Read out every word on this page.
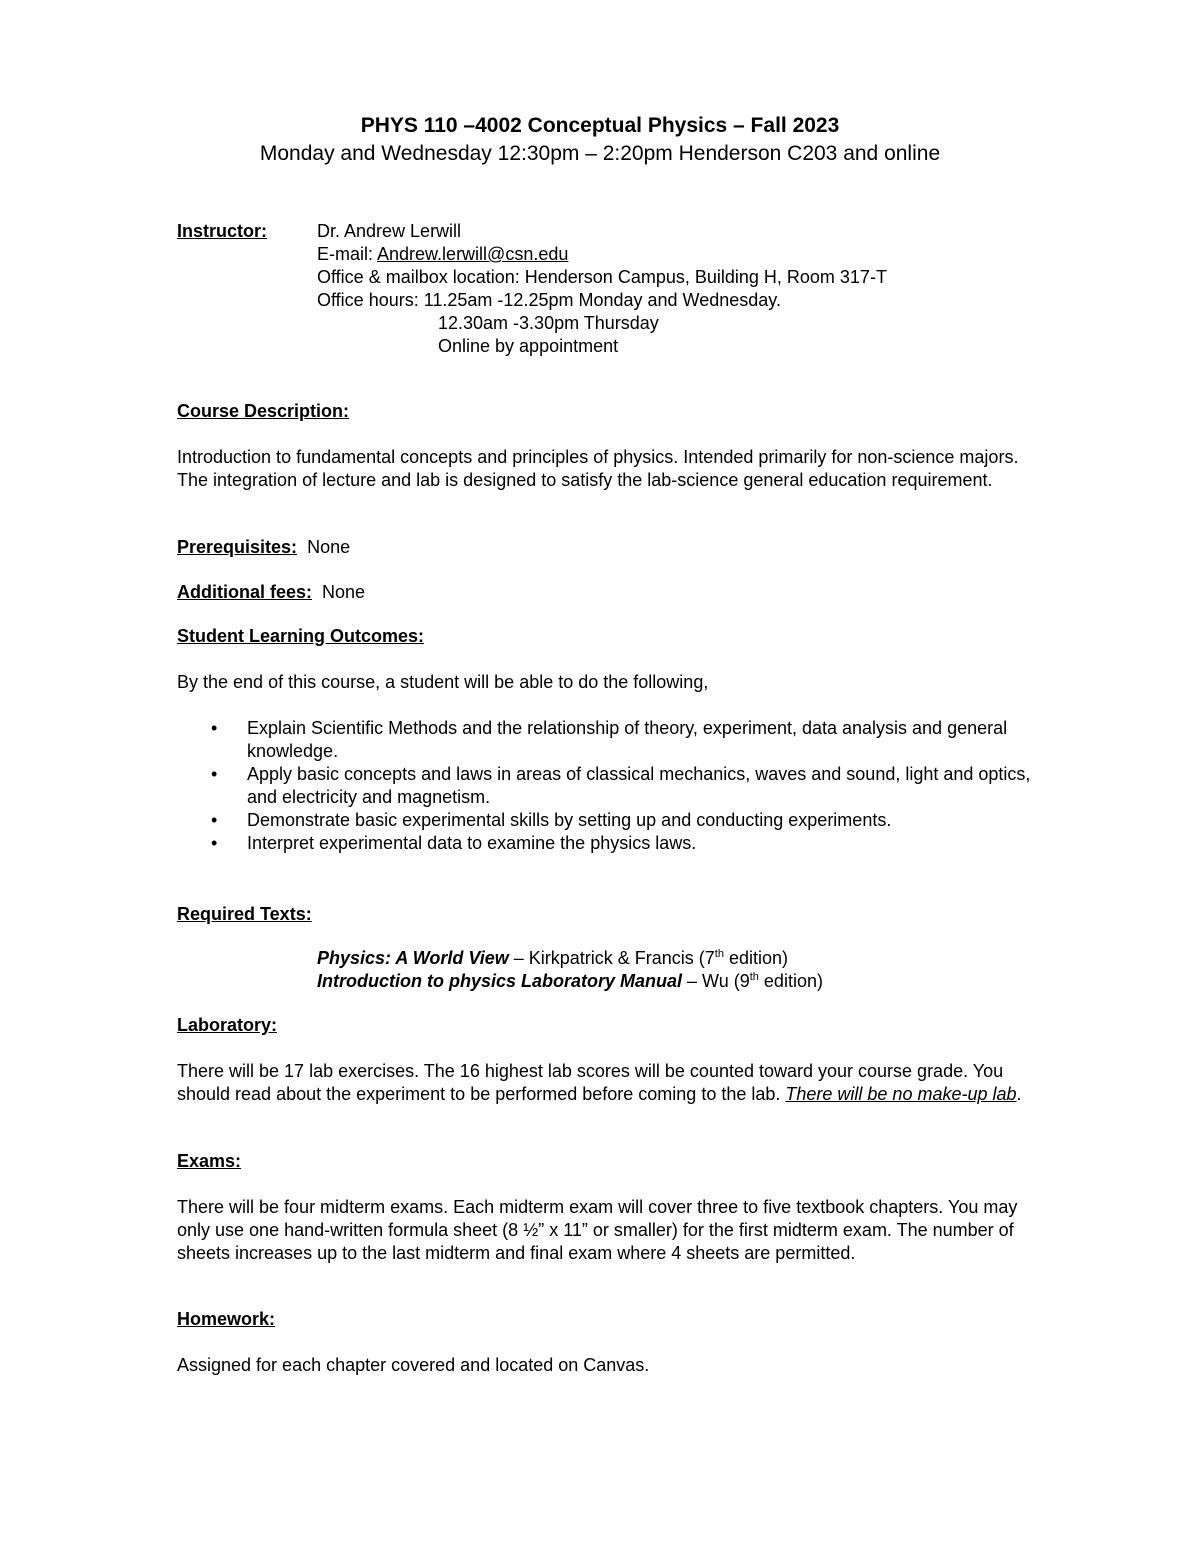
PHYS 110 –4002 Conceptual Physics – Fall 2023
Monday and Wednesday 12:30pm – 2:20pm Henderson C203 and online
Instructor:	Dr. Andrew Lerwill
E-mail: Andrew.lerwill@csn.edu
Office & mailbox location: Henderson Campus, Building H, Room 317-T
Office hours: 11.25am -12.25pm Monday and Wednesday.
12.30am -3.30pm Thursday
Online by appointment
Course Description:
Introduction to fundamental concepts and principles of physics. Intended primarily for non-science majors. The integration of lecture and lab is designed to satisfy the lab-science general education requirement.
Prerequisites: None
Additional fees: None
Student Learning Outcomes:
By the end of this course, a student will be able to do the following,
• Explain Scientific Methods and the relationship of theory, experiment, data analysis and general knowledge.
• Apply basic concepts and laws in areas of classical mechanics, waves and sound, light and optics, and electricity and magnetism.
• Demonstrate basic experimental skills by setting up and conducting experiments.
• Interpret experimental data to examine the physics laws.
Required Texts:
Physics: A World View – Kirkpatrick & Francis (7th edition)
Introduction to physics Laboratory Manual – Wu (9th edition)
Laboratory:
There will be 17 lab exercises. The 16 highest lab scores will be counted toward your course grade. You should read about the experiment to be performed before coming to the lab. There will be no make-up lab.
Exams:
There will be four midterm exams. Each midterm exam will cover three to five textbook chapters. You may only use one hand-written formula sheet (8 ½” x 11” or smaller) for the first midterm exam. The number of sheets increases up to the last midterm and final exam where 4 sheets are permitted.
Homework:
Assigned for each chapter covered and located on Canvas.
